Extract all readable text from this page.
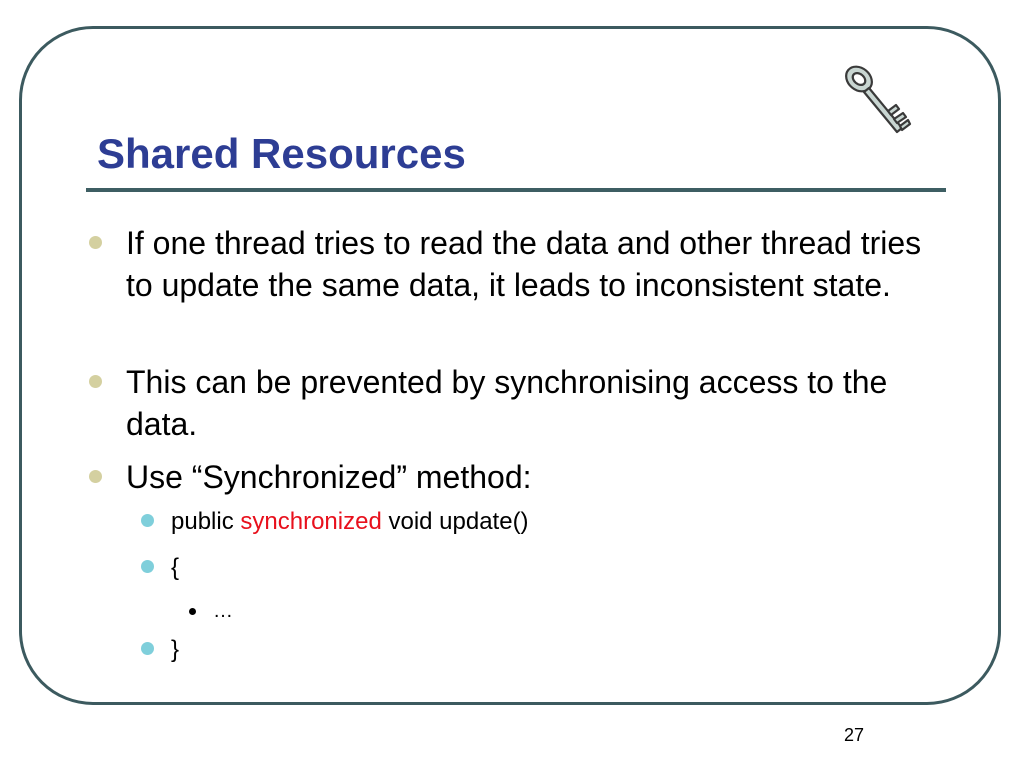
Shared Resources
If one thread tries to read the data and other thread tries to update the same data, it leads to inconsistent state.
This can be prevented by synchronising access to the data.
Use “Synchronized” method:
public synchronized void update()
{
…
}
27
